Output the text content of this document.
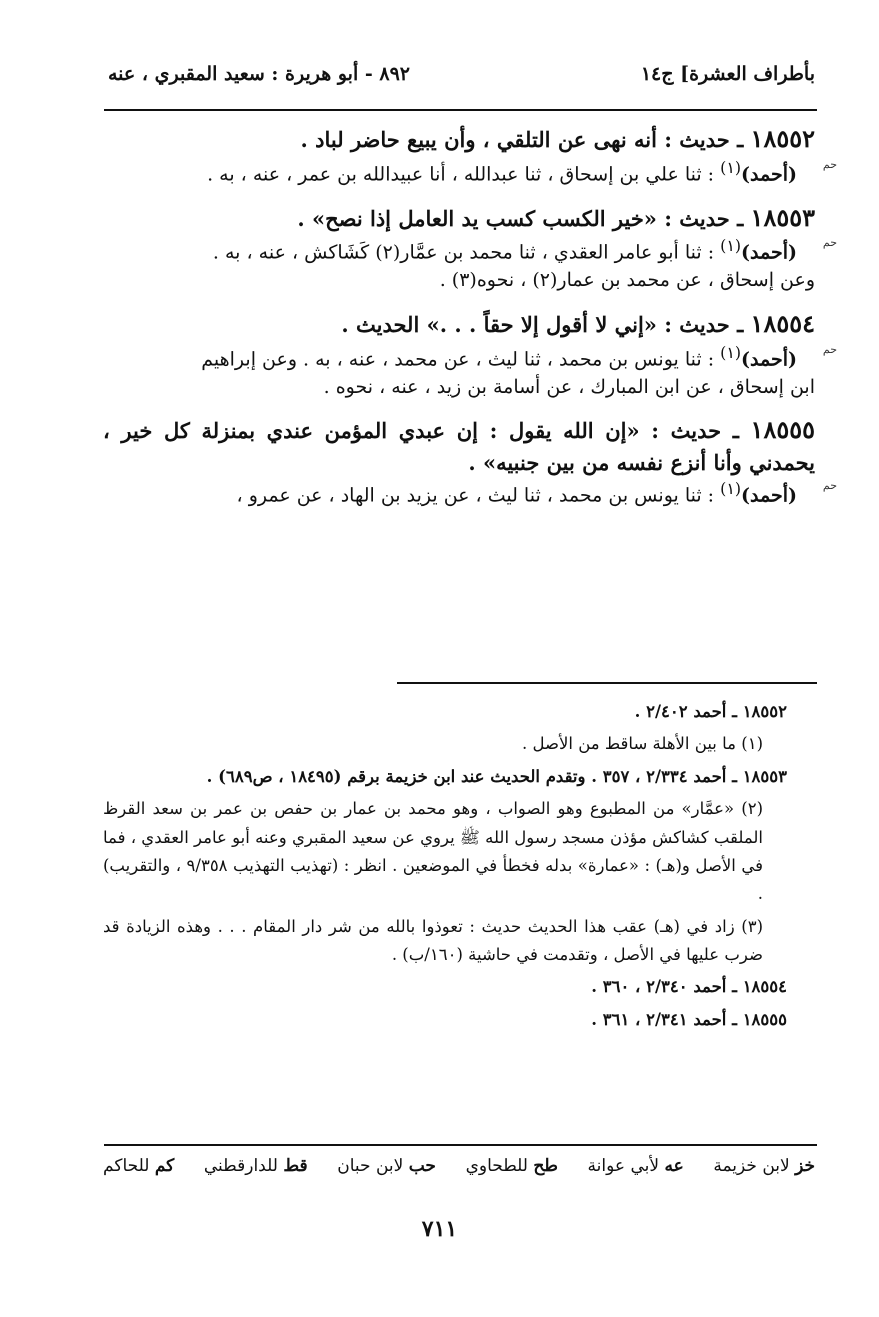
بأطراف العشرة] ج١٤
٨٩٢ - أبو هريرة : سعيد المقبري ، عنه
١٨٥٥٢ ـ حديث : أنه نهى عن التلقي ، وأن يبيع حاضر لباد .
حم
(أحمد)$^{(١)}$ : ثنا علي بن إسحاق ، ثنا عبدالله ، أنا عبيدالله بن عمر ، عنه ، به .
١٨٥٥٣ ـ حديث : «خير الكسب كسب يد العامل إذا نصح» .
حم
(أحمد)$^{(١)}$ : ثنا أبو عامر العقدي ، ثنا محمد بن عمَّار(٢) كَشَاكش ، عنه ، به .
وعن إسحاق ، عن محمد بن عمار(٢) ، نحوه(٣) .
١٨٥٥٤ ـ حديث : «إني لا أقول إلا حقاً . . .» الحديث .
حم
(أحمد)$^{(١)}$ : ثنا يونس بن محمد ، ثنا ليث ، عن محمد ، عنه ، به . وعن إبراهيم
ابن إسحاق ، عن ابن المبارك ، عن أسامة بن زيد ، عنه ، نحوه .
١٨٥٥٥ ـ حديث : «إن الله يقول : إن عبدي المؤمن عندي بمنزلة كل خير ، يحمدني وأنا أنزع نفسه من بين جنبيه» .
حم
(أحمد)$^{(١)}$ : ثنا يونس بن محمد ، ثنا ليث ، عن يزيد بن الهاد ، عن عمرو ،
١٨٥٥٢ ـ أحمد ٢/٤٠٢ .
(١) ما بين الأهلة ساقط من الأصل .
١٨٥٥٣ ـ أحمد ٢/٣٣٤ ، ٣٥٧ . وتقدم الحديث عند ابن خزيمة برقم (١٨٤٩٥ ، ص٦٨٩) .
(٢) «عمَّار» من المطبوع وهو الصواب ، وهو محمد بن عمار بن حفص بن عمر بن سعد القرظ الملقب كشاكش مؤذن مسجد رسول الله ﷺ يروي عن سعيد المقبري وعنه أبو عامر العقدي ، فما في الأصل و(هـ) : «عمارة» بدله فخطأ في الموضعين . انظر : (تهذيب التهذيب ٩/٣٥٨ ، والتقريب) .
(٣) زاد في (هـ) عقب هذا الحديث حديث : تعوذوا بالله من شر دار المقام . . . وهذه الزيادة قد ضرب عليها في الأصل ، وتقدمت في حاشية (١٦٠/ب) .
١٨٥٥٤ ـ أحمد ٢/٣٤٠ ، ٣٦٠ .
١٨٥٥٥ ـ أحمد ٢/٣٤١ ، ٣٦١ .
خز لابن خزيمة
عه لأبي عوانة
طح للطحاوي
حب لابن حبان
قط للدارقطني
كم للحاكم
٧١١
